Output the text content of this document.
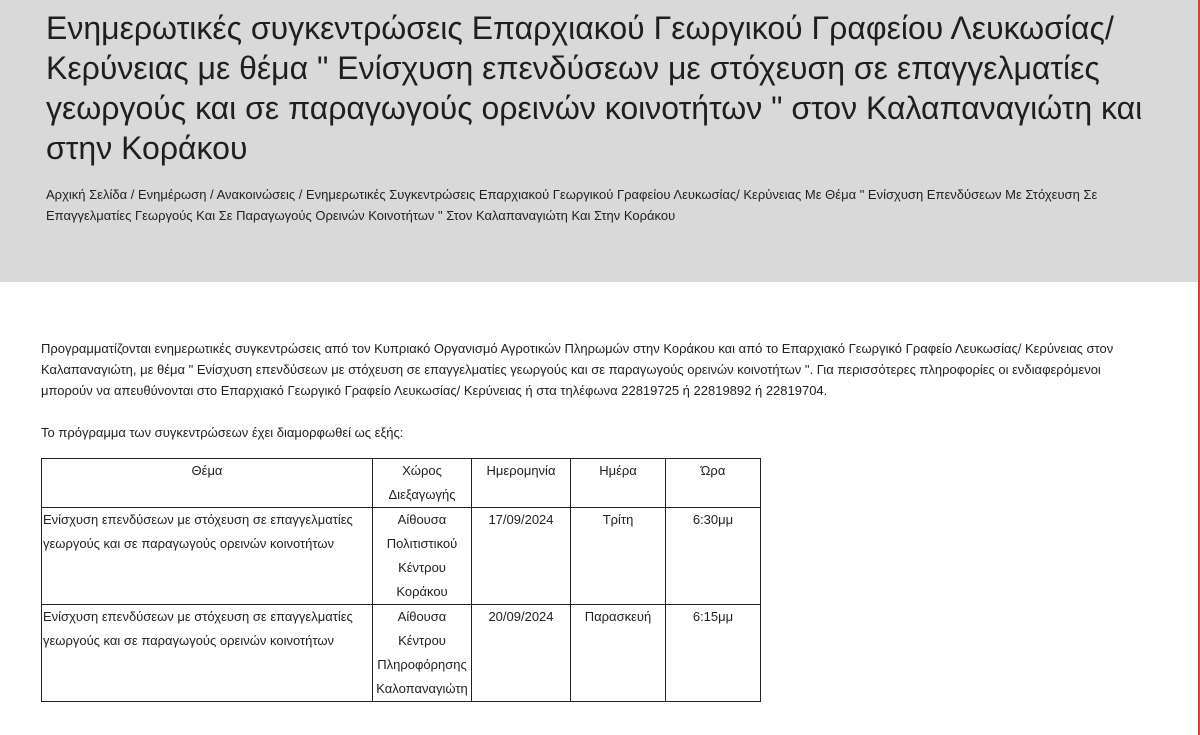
Ενημερωτικές συγκεντρώσεις Επαρχιακού Γεωργικού Γραφείου Λευκωσίας/ Κερύνειας με θέμα " Ενίσχυση επενδύσεων με στόχευση σε επαγγελματίες γεωργούς και σε παραγωγούς ορεινών κοινοτήτων " στον Καλαπαναγιώτη και στην Κοράκου
Αρχική Σελίδα / Ενημέρωση / Ανακοινώσεις / Ενημερωτικές Συγκεντρώσεις Επαρχιακού Γεωργικού Γραφείου Λευκωσίας/ Κερύνειας Με Θέμα " Ενίσχυση Επενδύσεων Με Στόχευση Σε Επαγγελματίες Γεωργούς Και Σε Παραγωγούς Ορεινών Κοινοτήτων " Στον Καλαπαναγιώτη Και Στην Κοράκου

Προγραμματίζονται ενημερωτικές συγκεντρώσεις από τον Κυπριακό Οργανισμό Αγροτικών Πληρωμών στην Κοράκου και από το Επαρχιακό Γεωργικό Γραφείο Λευκωσίας/ Κερύνειας στον Καλαπαναγιώτη, με θέμα " Ενίσχυση επενδύσεων με στόχευση σε επαγγελματίες γεωργούς και σε παραγωγούς ορεινών κοινοτήτων ". Για περισσότερες πληροφορίες οι ενδιαφερόμενοι μπορούν να απευθύνονται στο Επαρχιακό Γεωργικό Γραφείο Λευκωσίας/ Κερύνειας ή στα τηλέφωνα 22819725 ή 22819892 ή 22819704.

Το πρόγραμμα των συγκεντρώσεων έχει διαμορφωθεί ως εξής:

Θέμα	Χώρος Διεξαγωγής	Ημερομηνία	Ημέρα	Ώρα
Ενίσχυση επενδύσεων με στόχευση σε επαγγελματίες γεωργούς και σε παραγωγούς ορεινών κοινοτήτων	Αίθουσα Πολιτιστικού Κέντρου Κοράκου	17/09/2024	Τρίτη	6:30μμ
Ενίσχυση επενδύσεων με στόχευση σε επαγγελματίες γεωργούς και σε παραγωγούς ορεινών κοινοτήτων	Αίθουσα Κέντρου Πληροφόρησης Καλοπαναγιώτη	20/09/2024	Παρασκευή	6:15μμ
